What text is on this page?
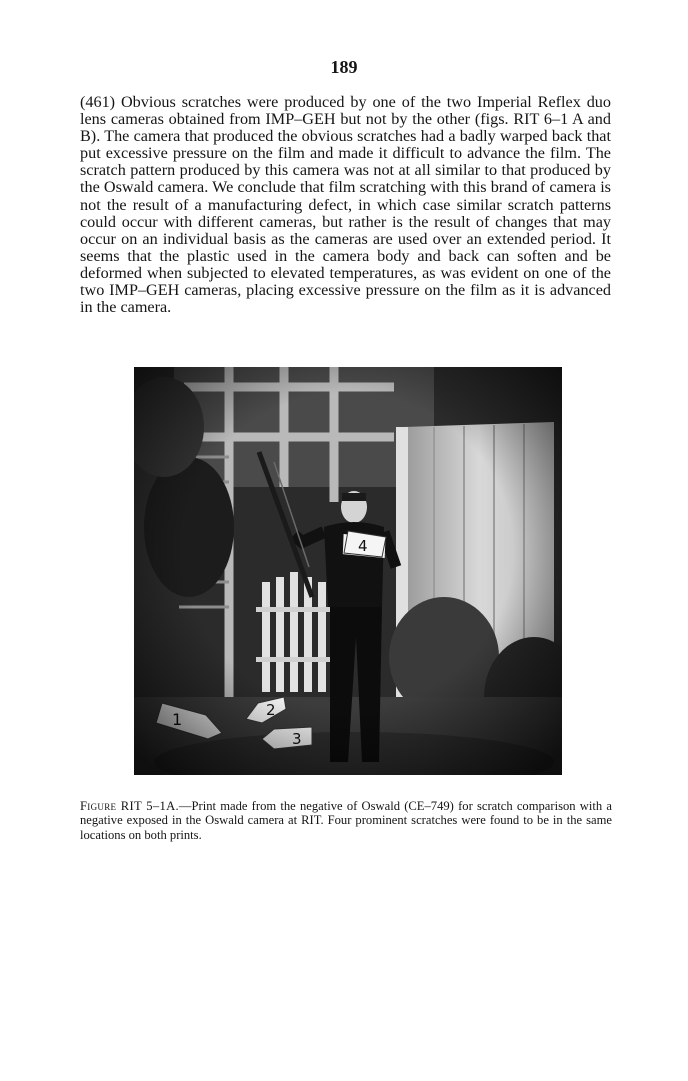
189

(461) Obvious scratches were produced by one of the two Imperial Reflex duo lens cameras obtained from IMP–GEH but not by the other (figs. RIT 6–1 A and B). The camera that produced the obvious scratches had a badly warped back that put excessive pressure on the film and made it difficult to advance the film. The scratch pattern produced by this camera was not at all similar to that produced by the Oswald camera. We conclude that film scratching with this brand of camera is not the result of a manufacturing defect, in which case similar scratch patterns could occur with different cameras, but rather is the result of changes that may occur on an individual basis as the cameras are used over an extended period. It seems that the plastic used in the camera body and back can soften and be deformed when subjected to elevated temperatures, as was evident on one of the two IMP–GEH cameras, placing excessive pressure on the film as it is advanced in the camera.

Figure RIT 5–1A.—Print made from the negative of Oswald (CE–749) for scratch comparison with a negative exposed in the Oswald camera at RIT. Four prominent scratches were found to be in the same locations on both prints.
